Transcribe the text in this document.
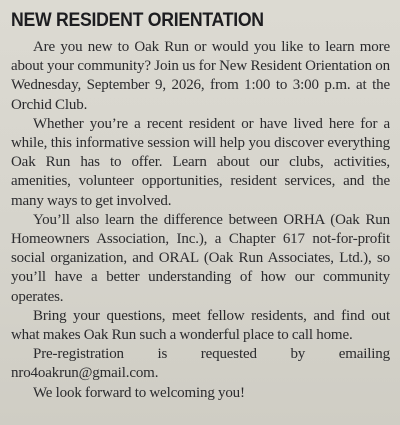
NEW RESIDENT ORIENTATION

Are you new to Oak Run or would you like to learn more about your community? Join us for New Resident Orientation on Wednesday, September 9, 2026, from 1:00 to 3:00 p.m. at the Orchid Club.

Whether you’re a recent resident or have lived here for a while, this informative session will help you discover everything Oak Run has to offer. Learn about our clubs, activities, amenities, volunteer opportunities, resident services, and the many ways to get involved.

You’ll also learn the difference between ORHA (Oak Run Homeowners Association, Inc.), a Chapter 617 not-for-profit social organization, and ORAL (Oak Run Associates, Ltd.), so you’ll have a better understanding of how our community operates.

Bring your questions, meet fellow residents, and find out what makes Oak Run such a wonderful place to call home.

Pre-registration is requested by emailing nro4oakrun@gmail.com.

We look forward to welcoming you!
